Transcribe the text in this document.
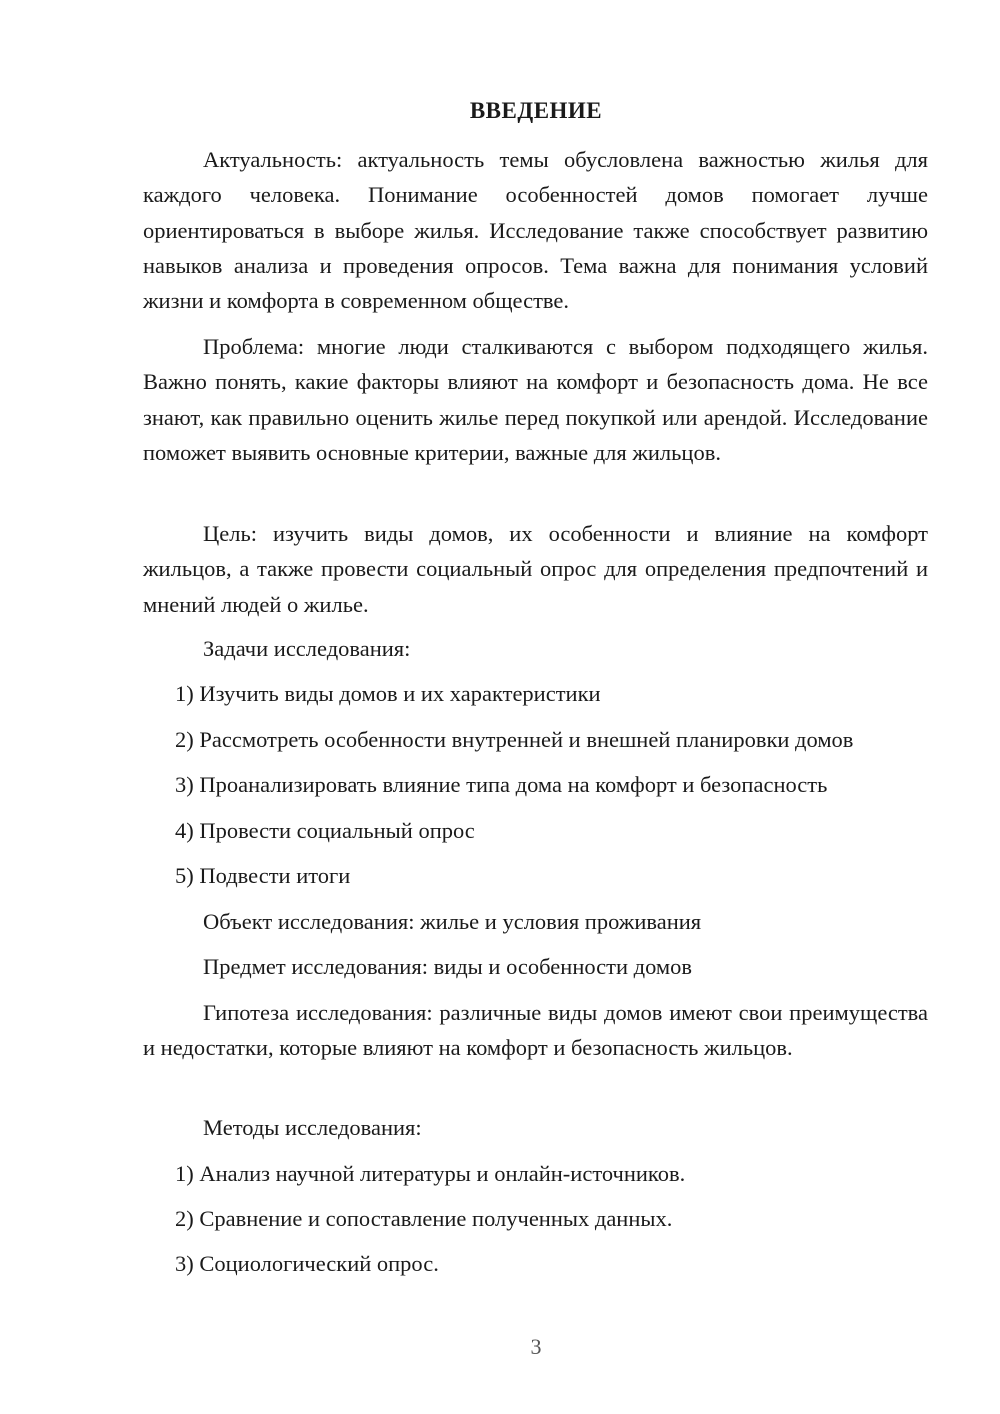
ВВЕДЕНИЕ

Актуальность: актуальность темы обусловлена важностью жилья для каждого человека. Понимание особенностей домов помогает лучше ориентироваться в выборе жилья. Исследование также способствует развитию навыков анализа и проведения опросов. Тема важна для понимания условий жизни и комфорта в современном обществе.

Проблема: многие люди сталкиваются с выбором подходящего жилья. Важно понять, какие факторы влияют на комфорт и безопасность дома. Не все знают, как правильно оценить жилье перед покупкой или арендой. Исследование поможет выявить основные критерии, важные для жильцов.

Цель: изучить виды домов, их особенности и влияние на комфорт жильцов, а также провести социальный опрос для определения предпочтений и мнений людей о жилье.

Задачи исследования:

1) Изучить виды домов и их характеристики

2) Рассмотреть особенности внутренней и внешней планировки домов

3) Проанализировать влияние типа дома на комфорт и безопасность

4) Провести социальный опрос

5) Подвести итоги

Объект исследования: жилье и условия проживания

Предмет исследования: виды и особенности домов

Гипотеза исследования: различные виды домов имеют свои преимущества и недостатки, которые влияют на комфорт и безопасность жильцов.

Методы исследования:

1) Анализ научной литературы и онлайн-источников.

2) Сравнение и сопоставление полученных данных.

3) Социологический опрос.

3
